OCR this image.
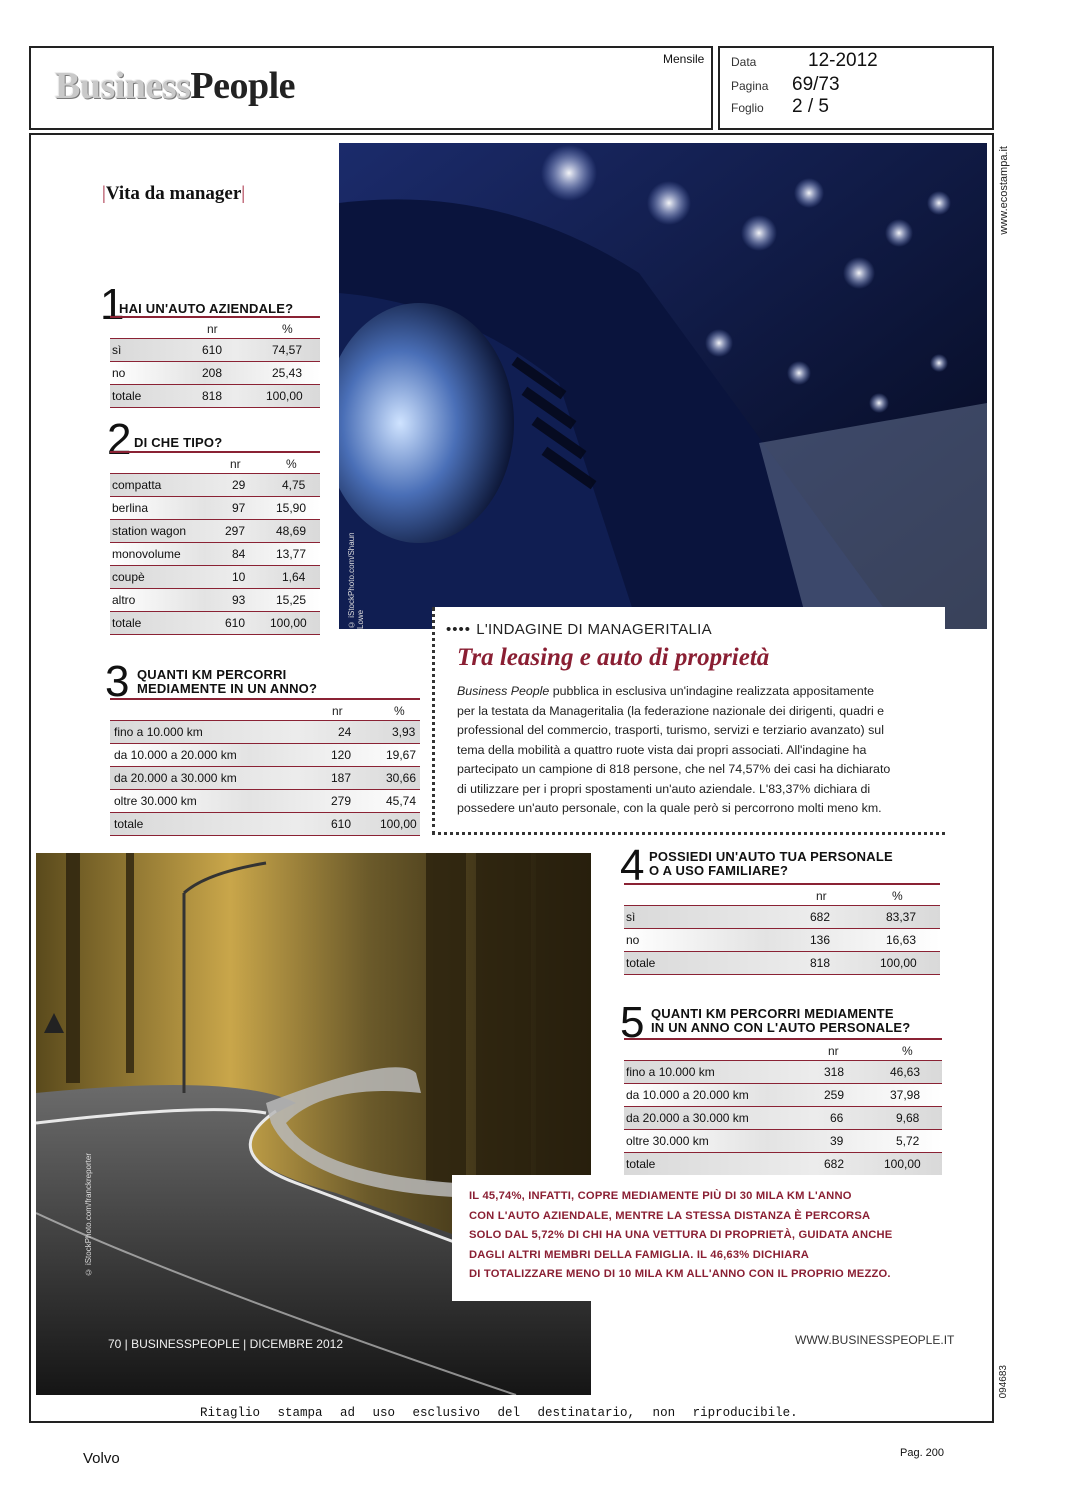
BusinessPeople
Mensile Data	12-2012
Pagina 69/73
Foglio 2 / 5
www.ecostampa.it
094683
© iStockPhoto.com/Shaun Lowe
|Vita da manager|
1
HAI UN'AUTO AZIENDALE?
nr	%
sì	610	74,57
no	208	25,43
totale	818	100,00
2 DI CHE TIPO?
nr	%
compatta	29	4,75
berlina	97	15,90
station wagon	297	48,69
monovolume	84	13,77
coupè	10	1,64
altro	93	15,25
totale	610 100,00
3 QUANTI KM PERCORRI
MEDIAMENTE IN UN ANNO?
nr	%
fino a 10.000 km	24	3,93
da 10.000 a 20.000 km	120	19,67
da 20.000 a 30.000 km	187	30,66
oltre 30.000 km	279	45,74
totale	610 100,00
•••• L'INDAGINE DI MANAGERITALIA
Tra leasing e auto di proprietà
Business People pubblica in esclusiva un'indagine realizzata appositamente
per la testata da Manageritalia (la federazione nazionale dei dirigenti, quadri e
professional del commercio, trasporti, turismo, servizi e terziario avanzato) sul
tema della mobilità a quattro ruote vista dai propri associati. All'indagine ha
partecipato un campione di 818 persone, che nel 74,57% dei casi ha dichiarato
di utilizzare per i propri spostamenti un'auto aziendale. L'83,37% dichiara di
possedere un'auto personale, con la quale però si percorrono molti meno km.
© iStockPhoto.com/franckreporter
70 | BUSINESSPEOPLE | DICEMBRE 2012
4 POSSIEDI UN'AUTO TUA PERSONALE
O A USO FAMILIARE?
nr	%
sì	682	83,37
no	136	16,63
totale	818	100,00
5 QUANTI KM PERCORRI MEDIAMENTE
IN UN ANNO CON L'AUTO PERSONALE?
nr	%
fino a 10.000 km	318	46,63
da 10.000 a 20.000 km	259	37,98
da 20.000 a 30.000 km	66	9,68
oltre 30.000 km	39	5,72
totale	682	100,00
IL 45,74%, INFATTI, COPRE MEDIAMENTE PIÙ DI 30 MILA KM L'ANNO
CON L'AUTO AZIENDALE, MENTRE LA STESSA DISTANZA È PERCORSA
SOLO DAL 5,72% DI CHI HA UNA VETTURA DI PROPRIETÀ, GUIDATA ANCHE
DAGLI ALTRI MEMBRI DELLA FAMIGLIA. IL 46,63% DICHIARA
DI TOTALIZZARE MENO DI 10 MILA KM ALL'ANNO CON IL PROPRIO MEZZO.
WWW.BUSINESSPEOPLE.IT
Ritaglio stampa ad uso esclusivo del destinatario, non riproducibile.
Volvo	Pag. 200
